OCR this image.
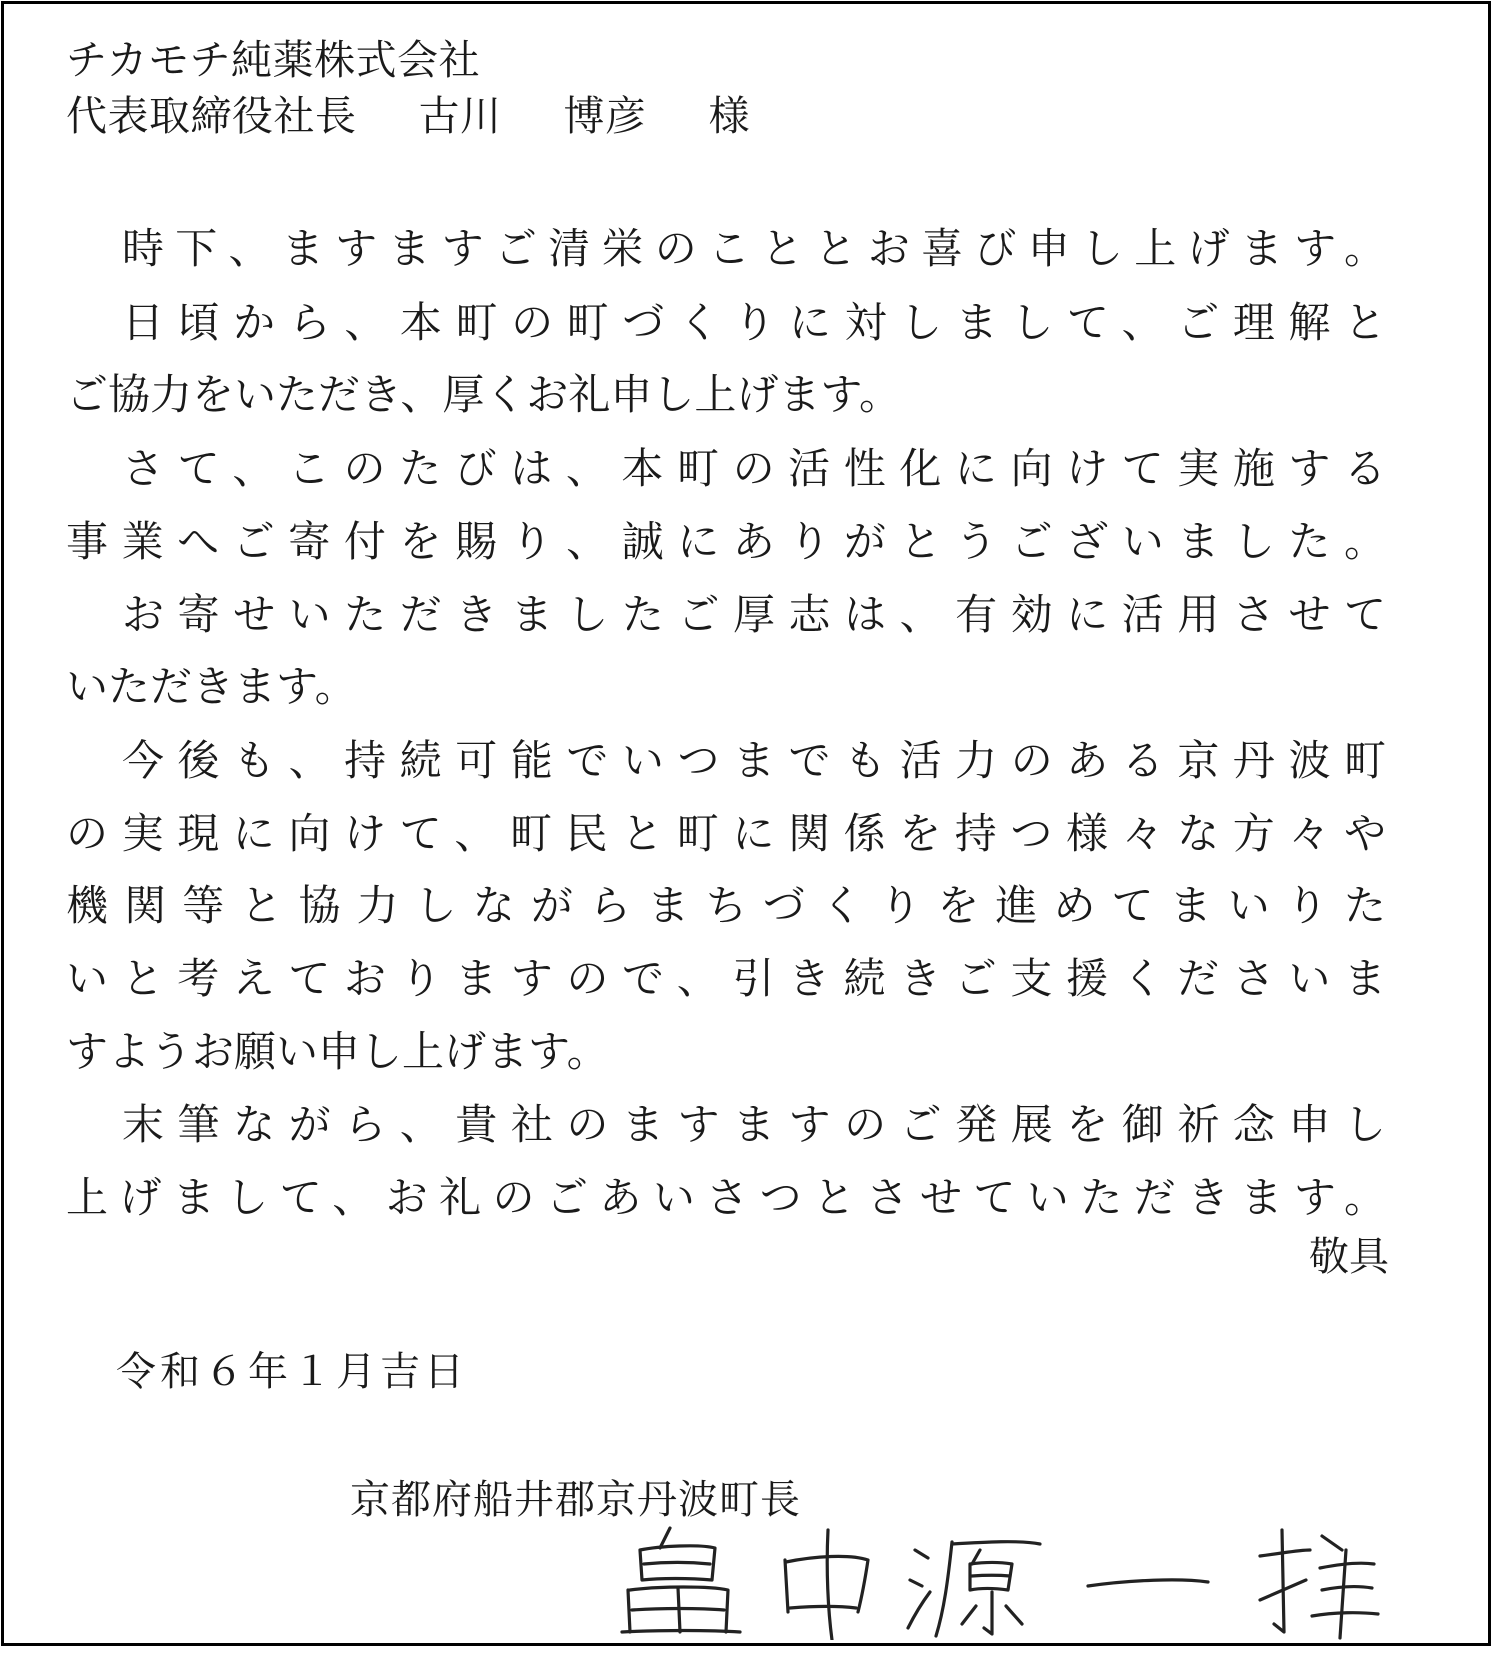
チカモチ純薬株式会社
代表取締役社長 古川 博彦 様
時下、ますますご清栄のこととお喜び申し上げます。
日頃から、本町の町づくりに対しまして、ご理解と
ご協力をいただき、厚くお礼申し上げます。
さて、このたびは、本町の活性化に向けて実施する
事業へご寄付を賜り、誠にありがとうございました。
お寄せいただきましたご厚志は、有効に活用させて
いただきます。
今後も、持続可能でいつまでも活力のある京丹波町
の実現に向けて、町民と町に関係を持つ様々な方々や
機関等と協力しながらまちづくりを進めてまいりた
いと考えておりますので、引き続きご支援くださいま
すようお願い申し上げます。
末筆ながら、貴社のますますのご発展を御祈念申し
上げまして、お礼のごあいさつとさせていただきます。
敬具
令和６年１月吉日
京都府船井郡京丹波町長
